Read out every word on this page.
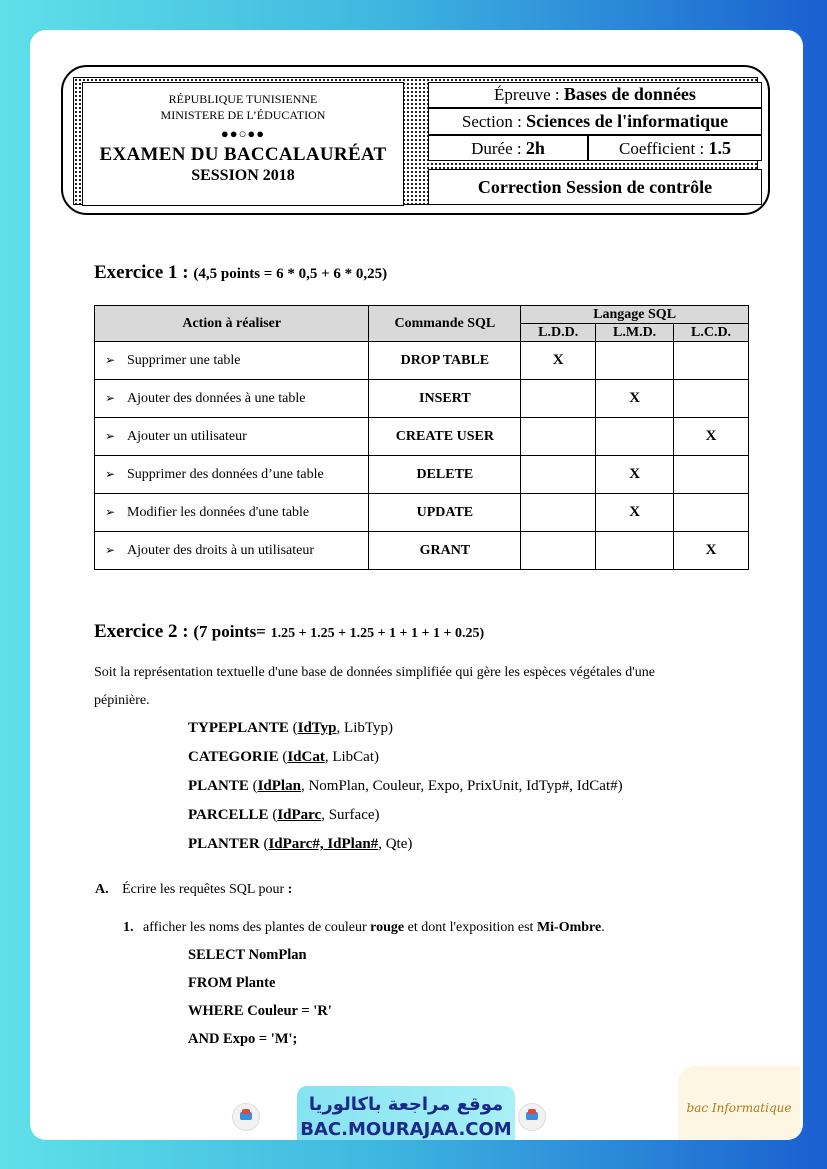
RÉPUBLIQUE TUNISIENNE
MINISTERE DE L’ÉDUCATION
●●○●●
EXAMEN DU BACCALAURÉAT
SESSION 2018
Épreuve : Bases de données
Section : Sciences de l'informatique
Durée : 2h	Coefficient : 1.5
Correction Session de contrôle
Exercice 1 : (4,5 points = 6 * 0,5 + 6 * 0,25)
Action à réaliser	Commande SQL	Langage SQL		
		L.D.D.	L.M.D.	L.C.D.
➢ Supprimer une table	DROP TABLE	X		
➢ Ajouter des données à une table	INSERT		X	
➢ Ajouter un utilisateur	CREATE USER			X
➢ Supprimer des données d’une table	DELETE		X	
➢ Modifier les données d'une table	UPDATE		X	
➢ Ajouter des droits à un utilisateur	GRANT			X
Exercice 2 : (7 points= 1.25 + 1.25 + 1.25 + 1 + 1 + 1 + 0.25)
Soit la représentation textuelle d'une base de données simplifiée qui gère les espèces végétales d'une
pépinière.
TYPEPLANTE (IdTyp, LibTyp)
CATEGORIE (IdCat, LibCat)
PLANTE (IdPlan, NomPlan, Couleur, Expo, PrixUnit, IdTyp#, IdCat#)
PARCELLE (IdParc, Surface)
PLANTER (IdParc#, IdPlan#, Qte)
A. Écrire les requêtes SQL pour :
1. afficher les noms des plantes de couleur rouge et dont l'exposition est Mi-Ombre.
SELECT NomPlan
FROM Plante
WHERE Couleur = 'R'
AND Expo = 'M';
موقع مراجعة باكالوريا
BAC.MOURAJAA.COM
bac Informatique
